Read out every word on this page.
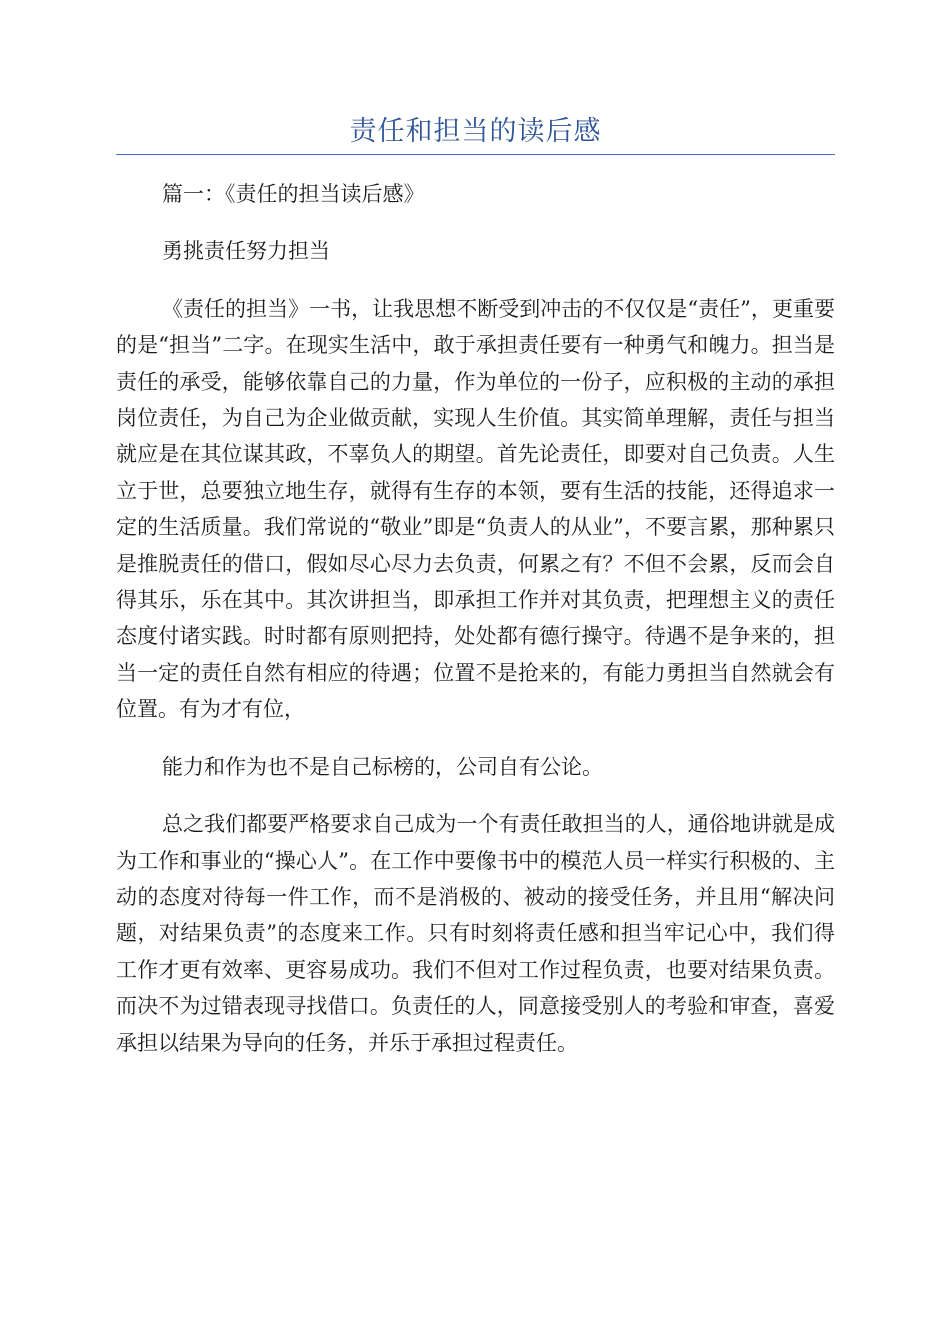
责任和担当的读后感

篇一：《责任的担当读后感》

勇挑责任努力担当

《责任的担当》一书，让我思想不断受到冲击的不仅仅是“责任”，更重要的是“担当”二字。在现实生活中，敢于承担责任要有一种勇气和魄力。担当是责任的承受，能够依靠自己的力量，作为单位的一份子，应积极的主动的承担岗位责任，为自己为企业做贡献，实现人生价值。其实简单理解，责任与担当就应是在其位谋其政，不辜负人的期望。首先论责任，即要对自己负责。人生立于世，总要独立地生存，就得有生存的本领，要有生活的技能，还得追求一定的生活质量。我们常说的“敬业”即是“负责人的从业”，不要言累，那种累只是推脱责任的借口，假如尽心尽力去负责，何累之有？不但不会累，反而会自得其乐，乐在其中。其次讲担当，即承担工作并对其负责，把理想主义的责任态度付诸实践。时时都有原则把持，处处都有德行操守。待遇不是争来的，担当一定的责任自然有相应的待遇；位置不是抢来的，有能力勇担当自然就会有位置。有为才有位，

能力和作为也不是自己标榜的，公司自有公论。

总之我们都要严格要求自己成为一个有责任敢担当的人，通俗地讲就是成为工作和事业的“操心人”。在工作中要像书中的模范人员一样实行积极的、主动的态度对待每一件工作，而不是消极的、被动的接受任务，并且用“解决问题，对结果负责”的态度来工作。只有时刻将责任感和担当牢记心中，我们得工作才更有效率、更容易成功。我们不但对工作过程负责，也要对结果负责。而决不为过错表现寻找借口。负责任的人，同意接受别人的考验和审查，喜爱承担以结果为导向的任务，并乐于承担过程责任。
